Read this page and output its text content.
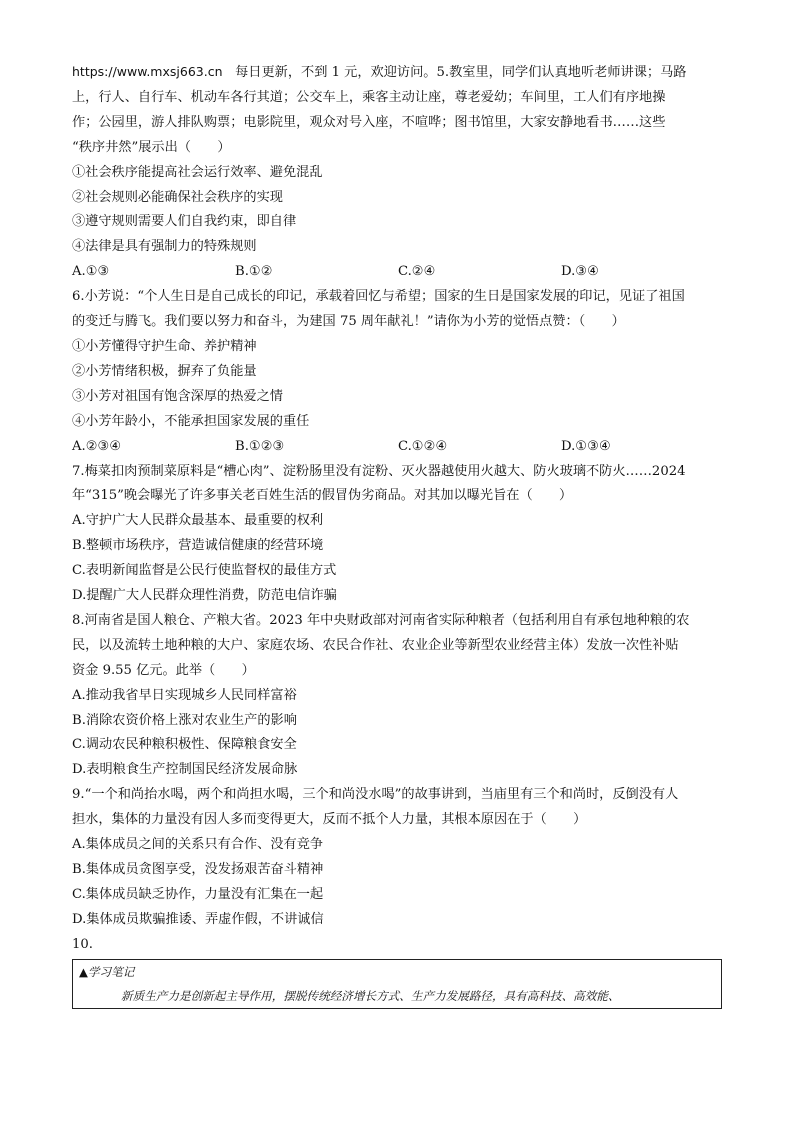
https://www.mxsj663.cn 每日更新，不到 1 元，欢迎访问。5.教室里，同学们认真地听老师讲课；马路
上，行人、自行车、机动车各行其道；公交车上，乘客主动让座，尊老爱幼；车间里，工人们有序地操
作；公园里，游人排队购票；电影院里，观众对号入座，不喧哗；图书馆里，大家安静地看书……这些
“秩序井然”展示出（　　）

①社会秩序能提高社会运行效率、避免混乱

②社会规则必能确保社会秩序的实现

③遵守规则需要人们自我约束，即自律

④法律是具有强制力的特殊规则

A.①③	B.①②	C.②④	D.③④

6.小芳说：“个人生日是自己成长的印记，承载着回忆与希望；国家的生日是国家发展的印记，见证了祖国
的变迁与腾飞。我们要以努力和奋斗，为建国 75 周年献礼！”请你为小芳的觉悟点赞：（　　）

①小芳懂得守护生命、养护精神

②小芳情绪积极，摒弃了负能量

③小芳对祖国有饱含深厚的热爱之情

④小芳年龄小，不能承担国家发展的重任

A.②③④	B.①②③	C.①②④	D.①③④

7.梅菜扣肉预制菜原料是“槽心肉”、淀粉肠里没有淀粉、灭火器越使用火越大、防火玻璃不防火……2024
年“315”晚会曝光了许多事关老百姓生活的假冒伪劣商品。对其加以曝光旨在（　　）

A.守护广大人民群众最基本、最重要的权利

B.整顿市场秩序，营造诚信健康的经营环境

C.表明新闻监督是公民行使监督权的最佳方式

D.提醒广大人民群众理性消费，防范电信诈骗

8.河南省是国人粮仓、产粮大省。2023 年中央财政部对河南省实际种粮者（包括利用自有承包地种粮的农
民，以及流转土地种粮的大户、家庭农场、农民合作社、农业企业等新型农业经营主体）发放一次性补贴
资金 9.55 亿元。此举（　　）

A.推动我省早日实现城乡人民同样富裕

B.消除农资价格上涨对农业生产的影响

C.调动农民种粮积极性、保障粮食安全

D.表明粮食生产控制国民经济发展命脉

9.“一个和尚抬水喝，两个和尚担水喝，三个和尚没水喝”的故事讲到，当庙里有三个和尚时，反倒没有人
担水，集体的力量没有因人多而变得更大，反而不抵个人力量，其根本原因在于（　　）

A.集体成员之间的关系只有合作、没有竞争

B.集体成员贪图享受，没发扬艰苦奋斗精神

C.集体成员缺乏协作，力量没有汇集在一起

D.集体成员欺骗推诿、弄虚作假，不讲诚信

10.

▲学习笔记
新质生产力是创新起主导作用，摆脱传统经济增长方式、生产力发展路径，具有高科技、高效能、
